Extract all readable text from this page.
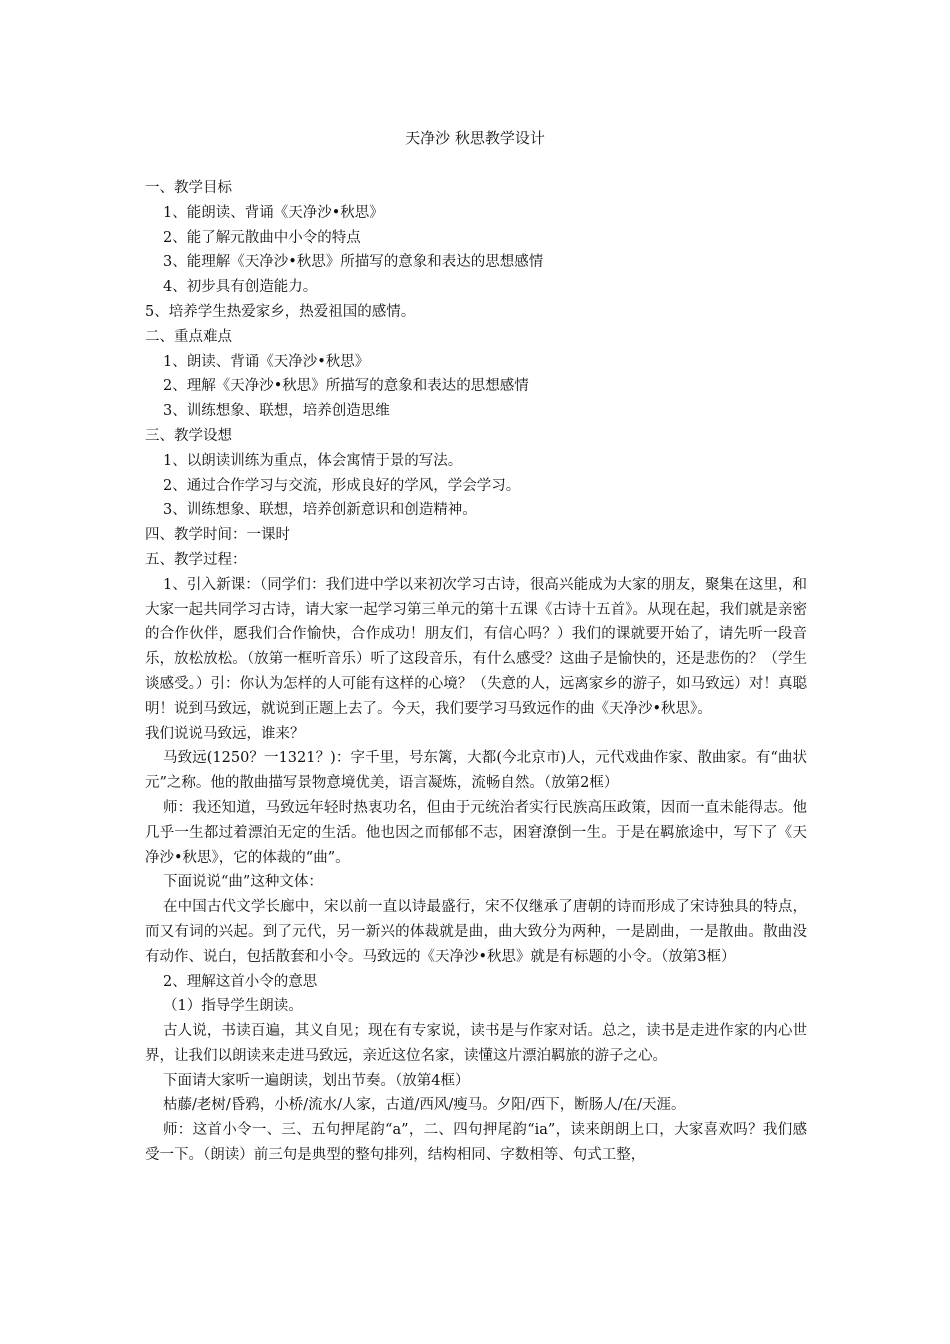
天净沙 秋思教学设计
一、教学目标
1、能朗读、背诵《天净沙•秋思》
2、能了解元散曲中小令的特点
3、能理解《天净沙•秋思》所描写的意象和表达的思想感情
4、初步具有创造能力。
5、培养学生热爱家乡，热爱祖国的感情。
二、重点难点
1、朗读、背诵《天净沙•秋思》
2、理解《天净沙•秋思》所描写的意象和表达的思想感情
3、训练想象、联想，培养创造思维
三、教学设想
1、以朗读训练为重点，体会寓情于景的写法。
2、通过合作学习与交流，形成良好的学风，学会学习。
3、训练想象、联想，培养创新意识和创造精神。
四、教学时间：一课时
五、教学过程：
1、引入新课：（同学们：我们进中学以来初次学习古诗，很高兴能成为大家的朋友，聚集在这里，和大家一起共同学习古诗，请大家一起学习第三单元的第十五课《古诗十五首》。从现在起，我们就是亲密的合作伙伴，愿我们合作愉快，合作成功！朋友们，有信心吗？）我们的课就要开始了，请先听一段音乐，放松放松。（放第一框听音乐）听了这段音乐，有什么感受？这曲子是愉快的，还是悲伤的？（学生谈感受。）引：你认为怎样的人可能有这样的心境？（失意的人，远离家乡的游子，如马致远）对！真聪明！说到马致远，就说到正题上去了。今天，我们要学习马致远作的曲《天净沙•秋思》。
我们说说马致远，谁来？
马致远(1250？一1321？)：字千里，号东篱，大都(今北京市)人，元代戏曲作家、散曲家。有“曲状元”之称。他的散曲描写景物意境优美，语言凝炼，流畅自然。（放第2框）
师：我还知道，马致远年轻时热衷功名，但由于元统治者实行民族高压政策，因而一直未能得志。他几乎一生都过着漂泊无定的生活。他也因之而郁郁不志，困窘潦倒一生。于是在羁旅途中，写下了《天净沙•秋思》，它的体裁的“曲”。
下面说说“曲”这种文体：
在中国古代文学长廊中，宋以前一直以诗最盛行，宋不仅继承了唐朝的诗而形成了宋诗独具的特点，而又有词的兴起。到了元代，另一新兴的体裁就是曲，曲大致分为两种，一是剧曲，一是散曲。散曲没有动作、说白，包括散套和小令。马致远的《天净沙•秋思》就是有标题的小令。（放第3框）
2、理解这首小令的意思
（1）指导学生朗读。
古人说，书读百遍，其义自见；现在有专家说，读书是与作家对话。总之，读书是走进作家的内心世界，让我们以朗读来走进马致远，亲近这位名家，读懂这片漂泊羁旅的游子之心。
下面请大家听一遍朗读，划出节奏。（放第4框）
枯藤/老树/昏鸦，小桥/流水/人家，古道/西风/瘦马。夕阳/西下，断肠人/在/天涯。
师：这首小令一、三、五句押尾韵“a”，二、四句押尾韵“ia”，读来朗朗上口，大家喜欢吗？我们感受一下。（朗读）前三句是典型的整句排列，结构相同、字数相等、句式工整，
